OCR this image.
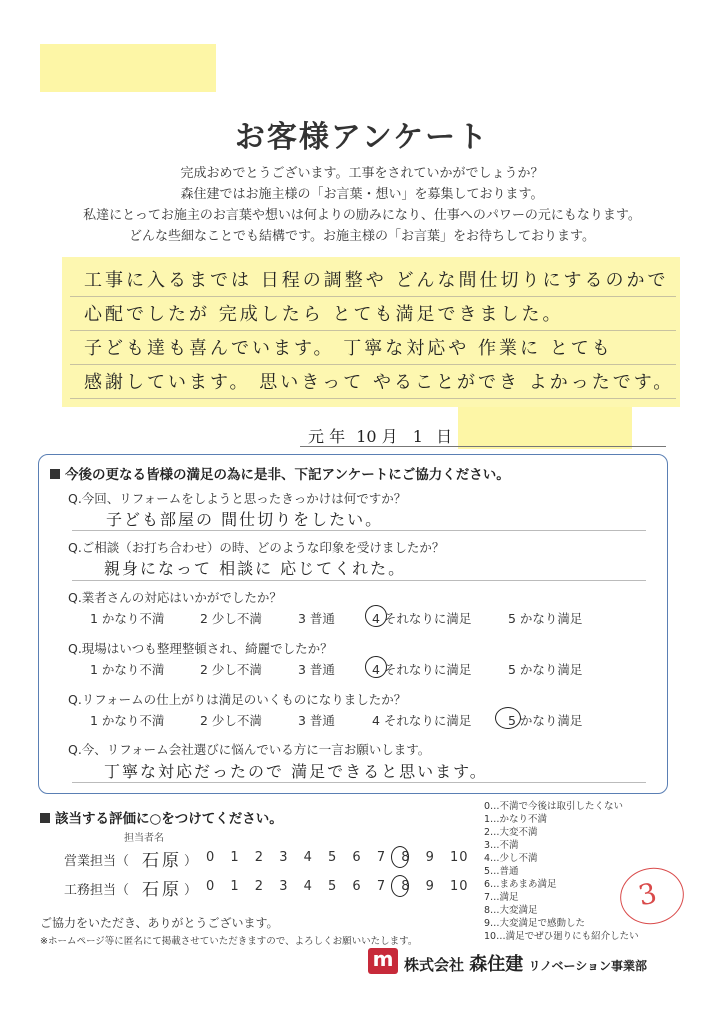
お客様アンケート
完成おめでとうございます。工事をされていかがでしょうか？
森住建ではお施主様の「お言葉・想い」を募集しております。
私達にとってお施主のお言葉や想いは何よりの励みになり、仕事へのパワーの元にもなります。
どんな些細なことでも結構です。お施主様の「お言葉」をお待ちしております。
工事に入るまでは 日程の調整や どんな間仕切りにするのかで
心配でしたが 完成したら とても満足できました。
子ども達も喜んでいます。 丁寧な対応や 作業に とても
感謝しています。 思いきって やることができ よかったです。
元 年 10 月 1 日
今後の更なる皆様の満足の為に是非、下記アンケートにご協力ください。
Q.今回、リフォームをしようと思ったきっかけは何ですか？
子ども部屋の 間仕切りをしたい。
Q.ご相談（お打ち合わせ）の時、どのような印象を受けましたか？
親身になって 相談に 応じてくれた。
Q.業者さんの対応はいかがでしたか？
1 かなり不満	2 少し不満	3 普通	4 それなりに満足	5 かなり満足
Q.現場はいつも整理整頓され、綺麗でしたか？
1 かなり不満	2 少し不満	3 普通	4 それなりに満足	5 かなり満足
Q.リフォームの仕上がりは満足のいくものになりましたか？
1 かなり不満	2 少し不満	3 普通	4 それなりに満足	5 かなり満足
Q.今、リフォーム会社選びに悩んでいる方に一言お願いします。
丁寧な対応だったので 満足できると思います。
該当する評価に○をつけてください。
担当者名
営業担当（ 石原 ） 0 1 2 3 4 5 6 7 8 9 10
工務担当（ 石原 ） 0 1 2 3 4 5 6 7 8 9 10
0…不満で今後は取引したくない
1…かなり不満
2…大変不満
3…不満
4…少し不満
5…普通
6…まあまあ満足
7…満足
8…大変満足
9…大変満足で感動した
10…満足でぜひ廻りにも紹介したい
3
ご協力をいただき、ありがとうございます。
※ホームページ等に匿名にて掲載させていただきますので、よろしくお願いいたします。
m 株式会社 森住建 リノベーション事業部
